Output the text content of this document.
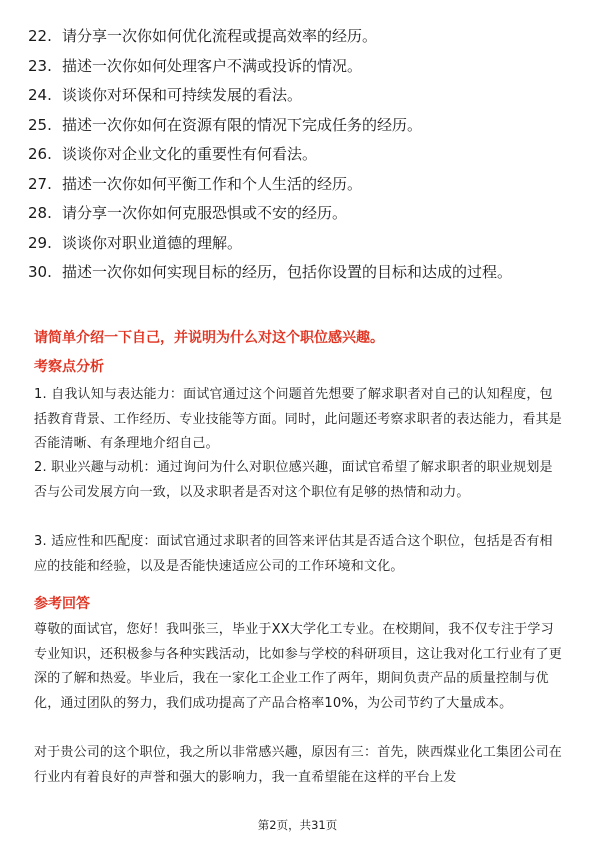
22. 请分享一次你如何优化流程或提高效率的经历。
23. 描述一次你如何处理客户不满或投诉的情况。
24. 谈谈你对环保和可持续发展的看法。
25. 描述一次你如何在资源有限的情况下完成任务的经历。
26. 谈谈你对企业文化的重要性有何看法。
27. 描述一次你如何平衡工作和个人生活的经历。
28. 请分享一次你如何克服恐惧或不安的经历。
29. 谈谈你对职业道德的理解。
30. 描述一次你如何实现目标的经历，包括你设置的目标和达成的过程。
请简单介绍一下自己，并说明为什么对这个职位感兴趣。
考察点分析
1. 自我认知与表达能力：面试官通过这个问题首先想要了解求职者对自己的认知程度，包括教育背景、工作经历、专业技能等方面。同时，此问题还考察求职者的表达能力，看其是否能清晰、有条理地介绍自己。
2. 职业兴趣与动机：通过询问为什么对职位感兴趣，面试官希望了解求职者的职业规划是否与公司发展方向一致，以及求职者是否对这个职位有足够的热情和动力。
3. 适应性和匹配度：面试官通过求职者的回答来评估其是否适合这个职位，包括是否有相应的技能和经验，以及是否能快速适应公司的工作环境和文化。
参考回答
尊敬的面试官，您好！我叫张三，毕业于XX大学化工专业。在校期间，我不仅专注于学习专业知识，还积极参与各种实践活动，比如参与学校的科研项目，这让我对化工行业有了更深的了解和热爱。毕业后，我在一家化工企业工作了两年，期间负责产品的质量控制与优化，通过团队的努力，我们成功提高了产品合格率10%，为公司节约了大量成本。
对于贵公司的这个职位，我之所以非常感兴趣，原因有三：首先，陕西煤业化工集团公司在行业内有着良好的声誉和强大的影响力，我一直希望能在这样的平台上发
第2页，共31页
